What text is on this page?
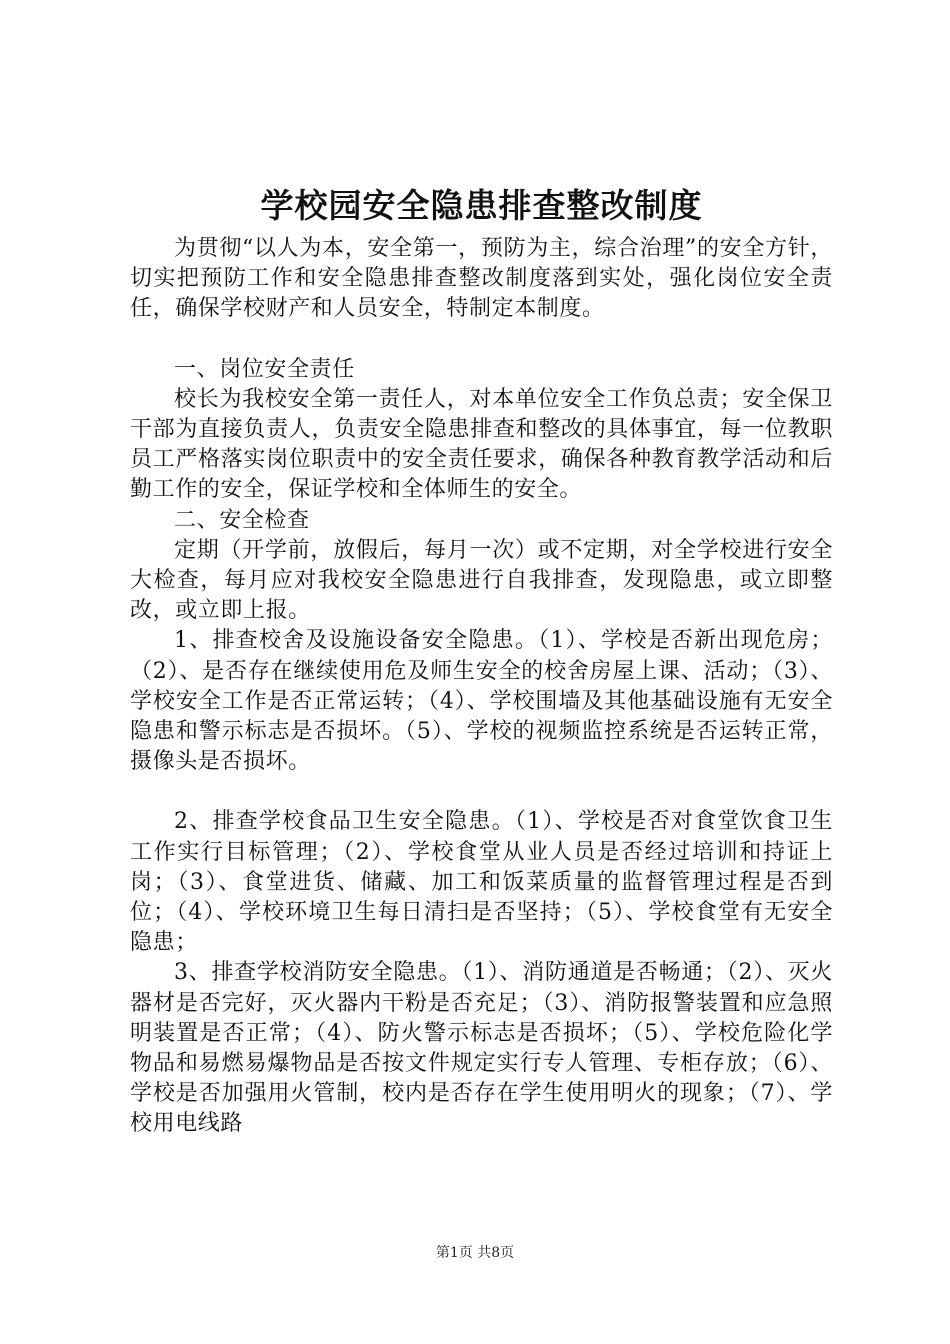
学校园安全隐患排查整改制度

为贯彻“以人为本，安全第一，预防为主，综合治理”的安全方针，切实把预防工作和安全隐患排查整改制度落到实处，强化岗位安全责任，确保学校财产和人员安全，特制定本制度。

一、岗位安全责任

校长为我校安全第一责任人，对本单位安全工作负总责；安全保卫干部为直接负责人，负责安全隐患排查和整改的具体事宜，每一位教职员工严格落实岗位职责中的安全责任要求，确保各种教育教学活动和后勤工作的安全，保证学校和全体师生的安全。

二、安全检查

定期（开学前，放假后，每月一次）或不定期，对全学校进行安全大检查，每月应对我校安全隐患进行自我排查，发现隐患，或立即整改，或立即上报。

1、排查校舍及设施设备安全隐患。（1）、学校是否新出现危房；（2）、是否存在继续使用危及师生安全的校舍房屋上课、活动；（3）、学校安全工作是否正常运转；（4）、学校围墙及其他基础设施有无安全隐患和警示标志是否损坏。（5）、学校的视频监控系统是否运转正常，摄像头是否损坏。

2、排查学校食品卫生安全隐患。（1）、学校是否对食堂饮食卫生工作实行目标管理；（2）、学校食堂从业人员是否经过培训和持证上岗；（3）、食堂进货、储藏、加工和饭菜质量的监督管理过程是否到位；（4）、学校环境卫生每日清扫是否坚持；（5）、学校食堂有无安全隐患；

3、排查学校消防安全隐患。（1）、消防通道是否畅通；（2）、灭火器材是否完好，灭火器内干粉是否充足；（3）、消防报警装置和应急照明装置是否正常；（4）、防火警示标志是否损坏；（5）、学校危险化学物品和易燃易爆物品是否按文件规定实行专人管理、专柜存放；（6）、学校是否加强用火管制，校内是否存在学生使用明火的现象；（7）、学校用电线路

第1页 共8页
